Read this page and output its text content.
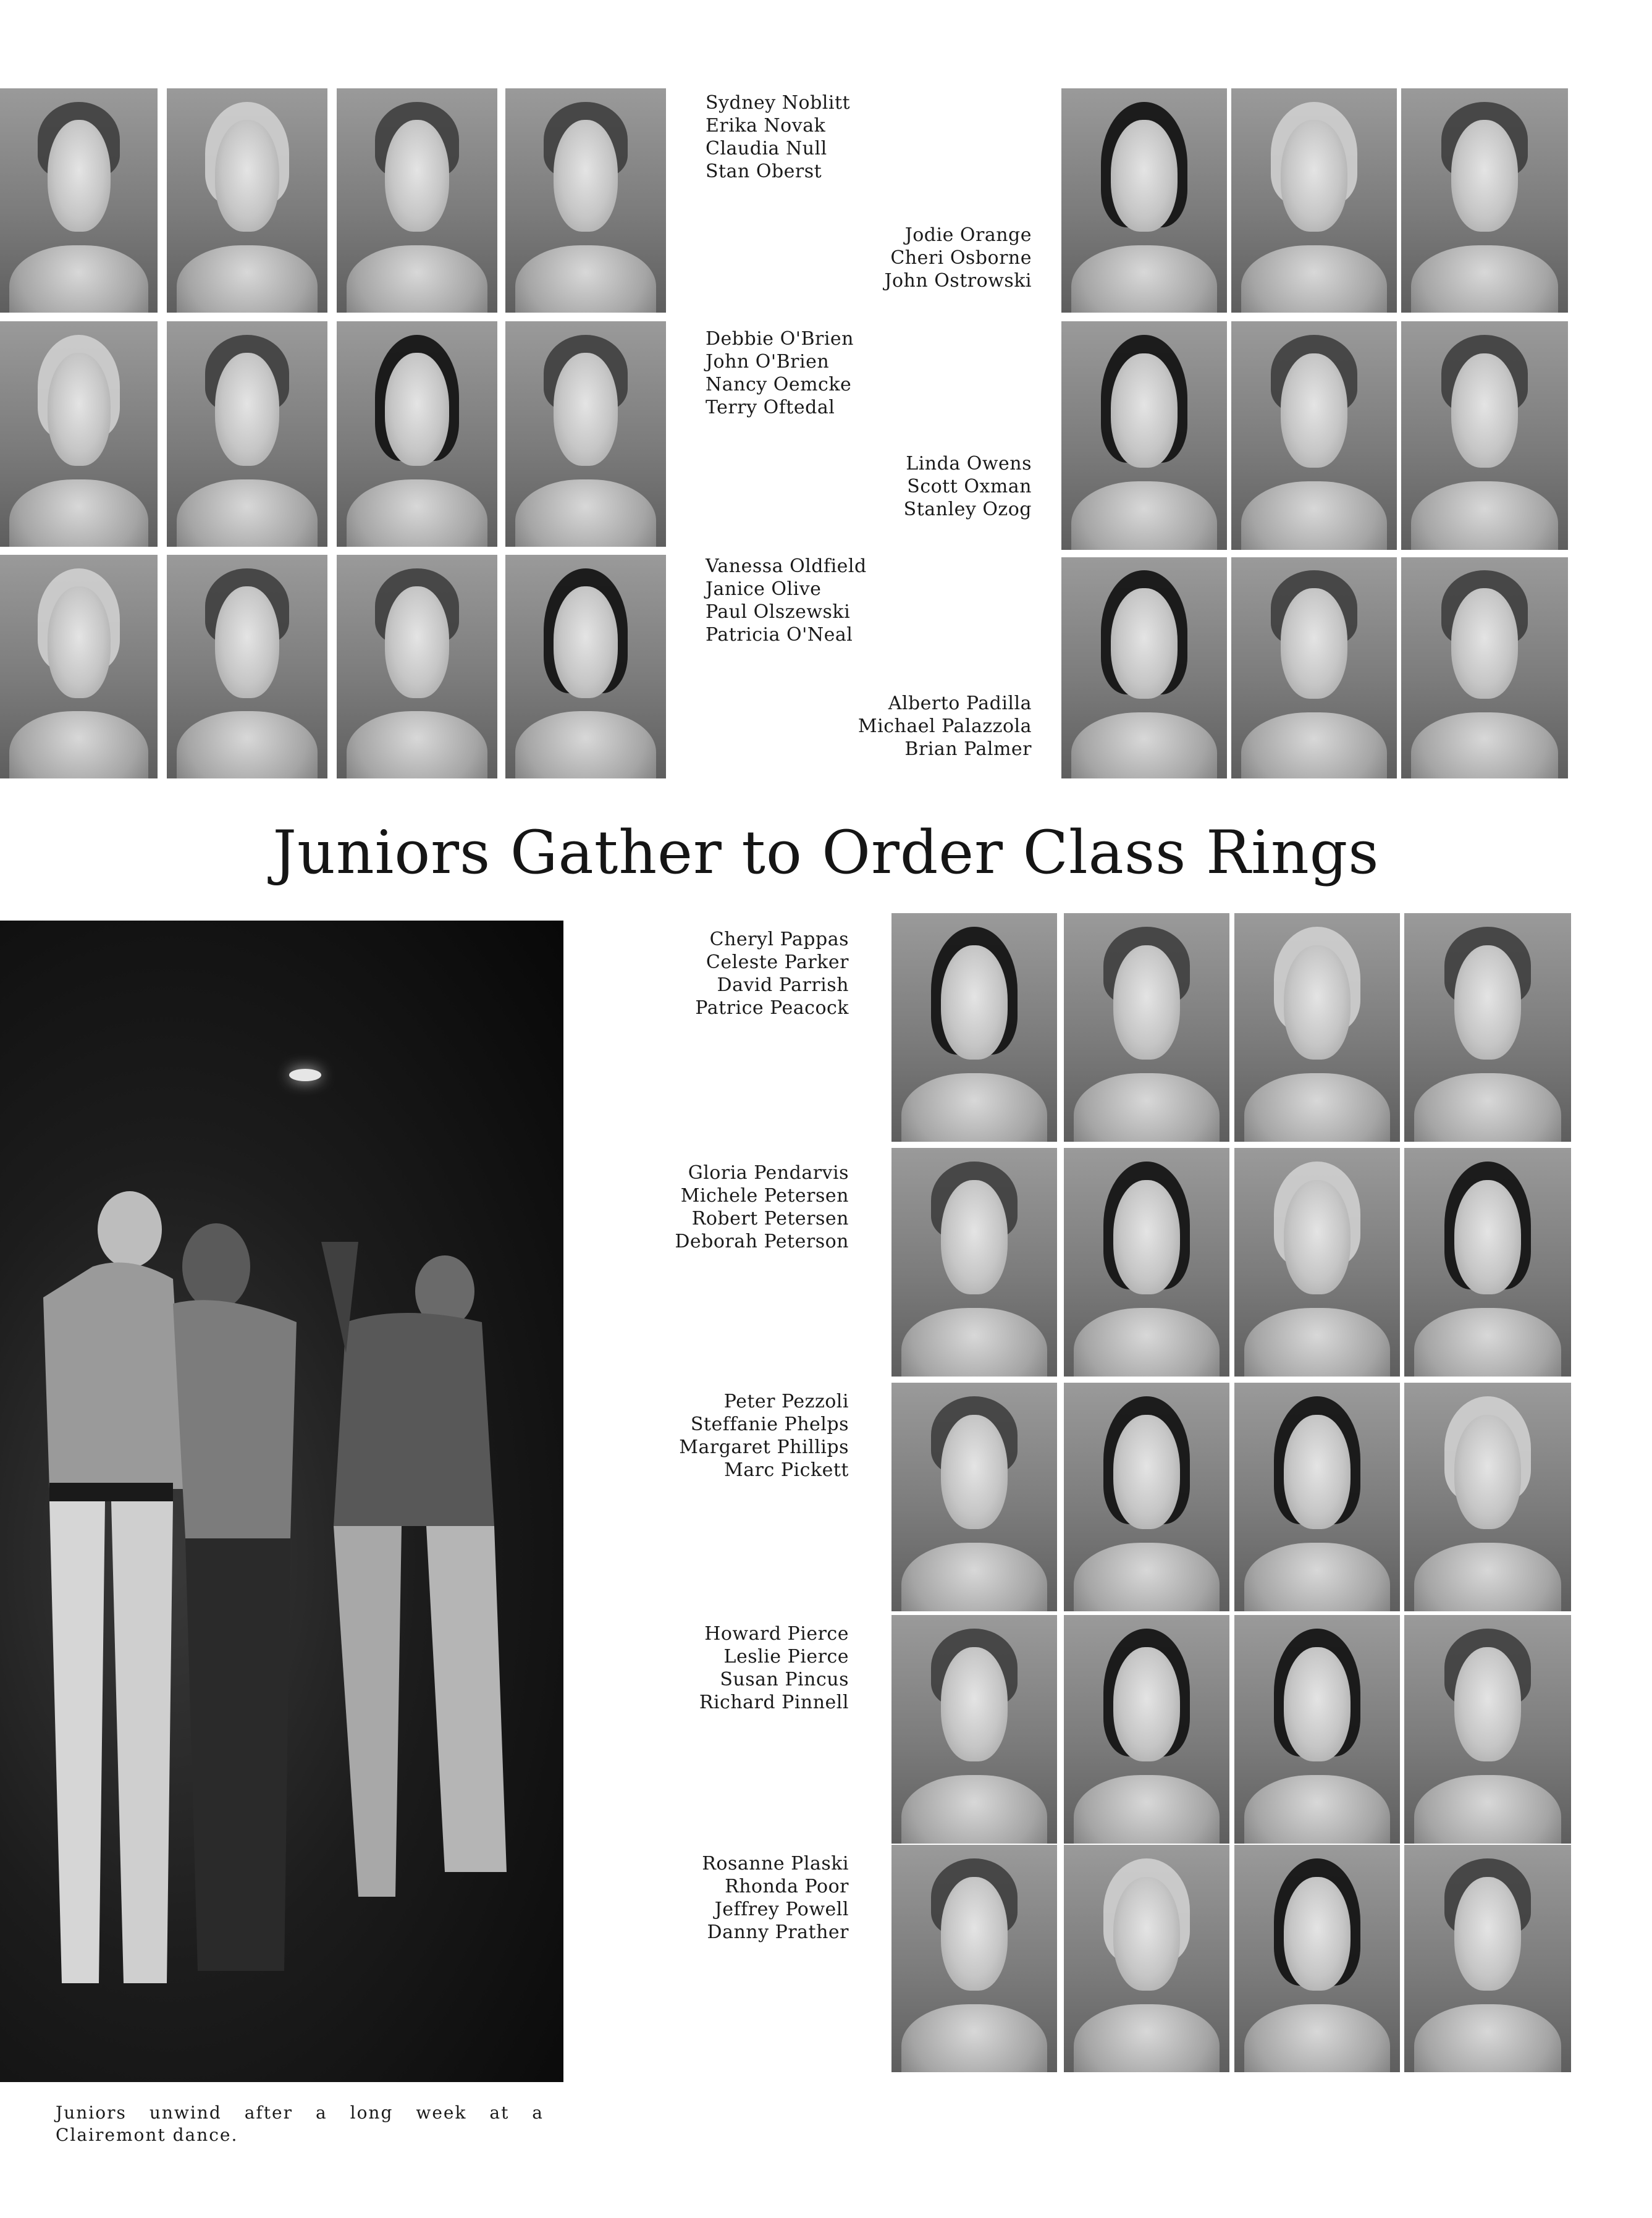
Sydney Noblitt
Erika Novak
Claudia Null
Stan Oberst
Debbie O'Brien
John O'Brien
Nancy Oemcke
Terry Oftedal
Vanessa Oldfield
Janice Olive
Paul Olszewski
Patricia O'Neal
Jodie Orange
Cheri Osborne
John Ostrowski
Linda Owens
Scott Oxman
Stanley Ozog
Alberto Padilla
Michael Palazzola
Brian Palmer
Juniors Gather to Order Class Rings
Juniors unwind after a long week at a Clairemont dance.
Cheryl Pappas
Celeste Parker
David Parrish
Patrice Peacock
Gloria Pendarvis
Michele Petersen
Robert Petersen
Deborah Peterson
Peter Pezzoli
Steffanie Phelps
Margaret Phillips
Marc Pickett
Howard Pierce
Leslie Pierce
Susan Pincus
Richard Pinnell
Rosanne Plaski
Rhonda Poor
Jeffrey Powell
Danny Prather
